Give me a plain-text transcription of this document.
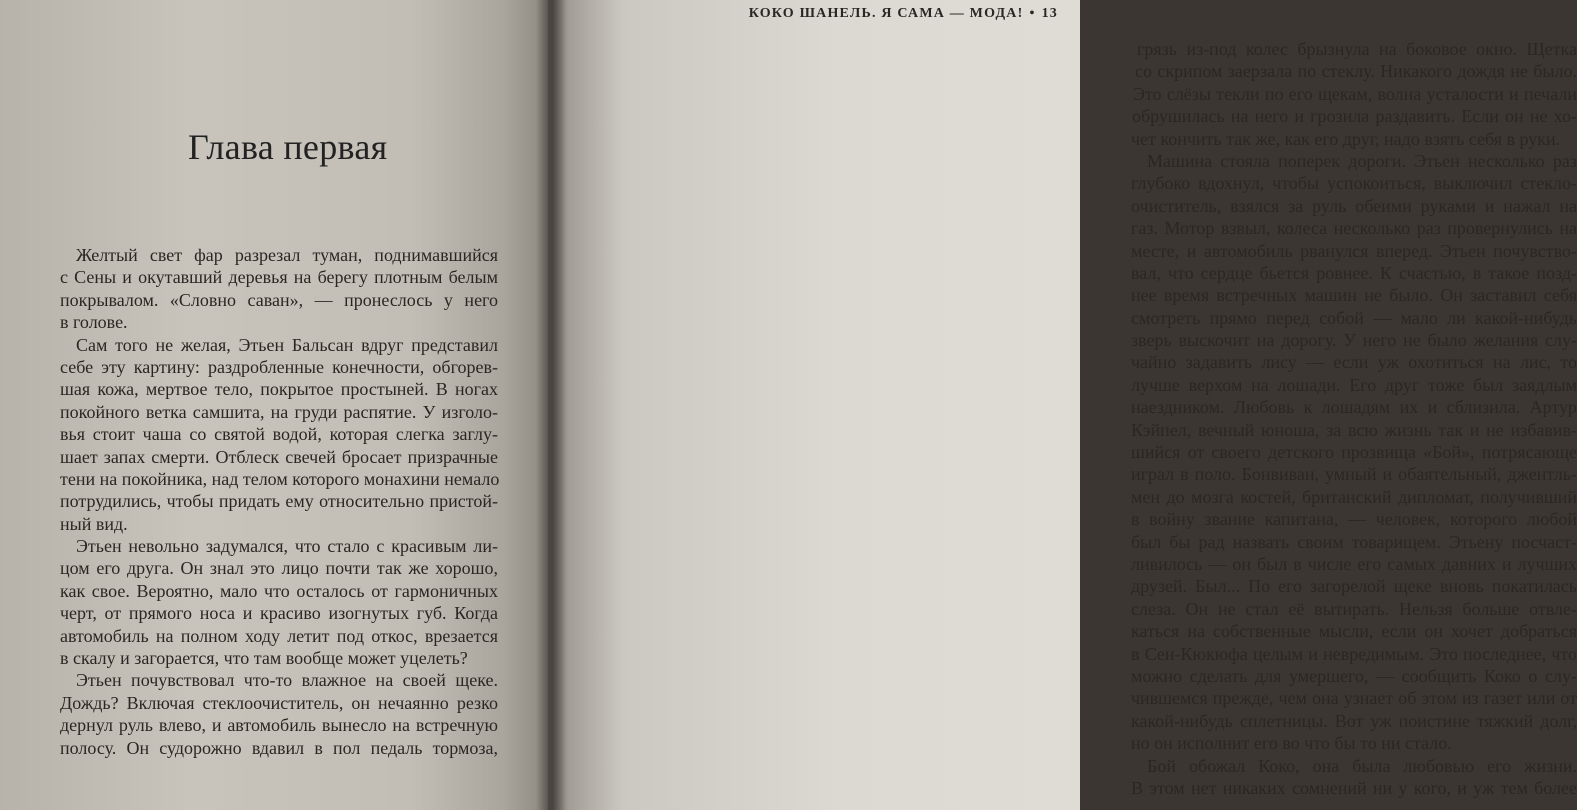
Глава первая
Желтый свет фар разрезал туман, поднимавшийся
с Сены и окутавший деревья на берегу плотным белым
покрывалом. «Словно саван», — пронеслось у него
в голове.
Сам того не желая, Этьен Бальсан вдруг представил
себе эту картину: раздробленные конечности, обгорев-
шая кожа, мертвое тело, покрытое простыней. В ногах
покойного ветка самшита, на груди распятие. У изголо-
вья стоит чаша со святой водой, которая слегка заглу-
шает запах смерти. Отблеск свечей бросает призрачные
тени на покойника, над телом которого монахини немало
потрудились, чтобы придать ему относительно пристой-
ный вид.
Этьен невольно задумался, что стало с красивым ли-
цом его друга. Он знал это лицо почти так же хорошо,
как свое. Вероятно, мало что осталось от гармоничных
черт, от прямого носа и красиво изогнутых губ. Когда
автомобиль на полном ходу летит под откос, врезается
в скалу и загорается, что там вообще может уцелеть?
Этьен почувствовал что-то влажное на своей щеке.
Дождь? Включая стеклоочиститель, он нечаянно резко
дернул руль влево, и автомобиль вынесло на встречную
полосу. Он судорожно вдавил в пол педаль тормоза,
КОКО ШАНЕЛЬ. Я САМА — МОДА! • 13
грязь из-под колес брызнула на боковое окно. Щетка
со скрипом заерзала по стеклу. Никакого дождя не было.
Это слёзы текли по его щекам, волна усталости и печали
обрушилась на него и грозила раздавить. Если он не хо-
чет кончить так же, как его друг, надо взять себя в руки.
Машина стояла поперек дороги. Этьен несколько раз
глубоко вдохнул, чтобы успокоиться, выключил стекло-
очиститель, взялся за руль обеими руками и нажал на
газ. Мотор взвыл, колеса несколько раз провернулись на
месте, и автомобиль рванулся вперед. Этьен почувство-
вал, что сердце бьется ровнее. К счастью, в такое позд-
нее время встречных машин не было. Он заставил себя
смотреть прямо перед собой — мало ли какой-нибудь
зверь выскочит на дорогу. У него не было желания слу-
чайно задавить лису — если уж охотиться на лис, то
лучше верхом на лошади. Его друг тоже был заядлым
наездником. Любовь к лошадям их и сблизила. Артур
Кэйпел, вечный юноша, за всю жизнь так и не избавив-
шийся от своего детского прозвища «Бой», потрясающе
играл в поло. Бонвиван, умный и обаятельный, джентль-
мен до мозга костей, британский дипломат, получивший
в войну звание капитана, — человек, которого любой
был бы рад назвать своим товарищем. Этьену посчаст-
ливилось — он был в числе его самых давних и лучших
друзей. Был... По его загорелой щеке вновь покатилась
слеза. Он не стал её вытирать. Нельзя больше отвле-
каться на собственные мысли, если он хочет добраться
в Сен-Кюкюфа целым и невредимым. Это последнее, что
можно сделать для умершего, — сообщить Коко о слу-
чившемся прежде, чем она узнает об этом из газет или от
какой-нибудь сплетницы. Вот уж поистине тяжкий долг,
но он исполнит его во что бы то ни стало.
Бой обожал Коко, она была любовью его жизни.
В этом нет никаких сомнений ни у кого, и уж тем более
